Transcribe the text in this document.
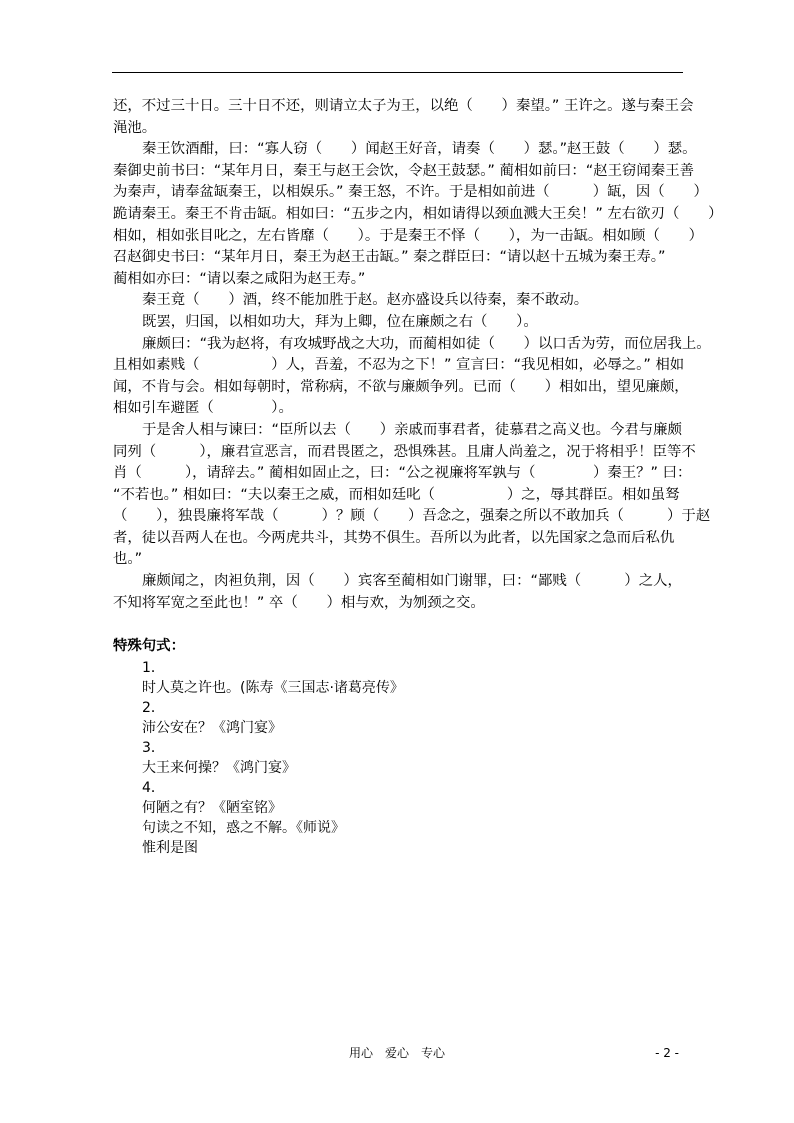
还，不过三十日。三十日不还，则请立太子为王，以绝（　　）秦望。” 王许之。遂与秦王会
渑池。
秦王饮酒酣，曰：“寡人窃（　　）闻赵王好音，请奏（　　）瑟。”赵王鼓（　　）瑟。
秦御史前书曰：“某年月日，秦王与赵王会饮，令赵王鼓瑟。” 蔺相如前曰：“赵王窃闻秦王善
为秦声，请奉盆缻秦王，以相娱乐。” 秦王怒，不许。于是相如前进（　　　）缻，因（　　）
跪请秦王。秦王不肯击缻。相如曰：“五步之内，相如请得以颈血溅大王矣！” 左右欲刃（　　）
相如，相如张目叱之，左右皆靡（　　）。于是秦王不怿（　　），为一击缻。相如顾（　　）
召赵御史书曰：“某年月日，秦王为赵王击缻。” 秦之群臣曰：“请以赵十五城为秦王寿。”
蔺相如亦曰：“请以秦之咸阳为赵王寿。”
秦王竟（　　）酒，终不能加胜于赵。赵亦盛设兵以待秦，秦不敢动。
既罢，归国，以相如功大，拜为上卿，位在廉颇之右（　　）。
廉颇曰：“我为赵将，有攻城野战之大功，而蔺相如徒（　　）以口舌为劳，而位居我上。
且相如素贱（　　　　　）人，吾羞，不忍为之下！” 宣言曰：“我见相如，必辱之。” 相如
闻，不肯与会。相如每朝时，常称病，不欲与廉颇争列。已而（　　）相如出，望见廉颇，
相如引车避匿（　　　　）。
于是舍人相与谏曰：“臣所以去（　　）亲戚而事君者，徒慕君之高义也。今君与廉颇
同列（　　　），廉君宣恶言，而君畏匿之，恐惧殊甚。且庸人尚羞之，况于将相乎！臣等不
肖（　　　），请辞去。” 蔺相如固止之，曰：“公之视廉将军孰与（　　　　）秦王？” 曰：
“不若也。” 相如曰：“夫以秦王之威，而相如廷叱（　　　　　）之，辱其群臣。相如虽驽
（　　），独畏廉将军哉（　　　）？顾（　　）吾念之，强秦之所以不敢加兵（　　　）于赵
者，徒以吾两人在也。今两虎共斗，其势不俱生。吾所以为此者，以先国家之急而后私仇
也。”
廉颇闻之，肉袒负荆，因（　　）宾客至蔺相如门谢罪，曰：“鄙贱（　　　）之人，
不知将军宽之至此也！” 卒（　　）相与欢，为刎颈之交。
特殊句式：
1．
时人莫之许也。(陈寿《三国志·诸葛亮传》
2．
沛公安在？《鸿门宴》
3．
大王来何操？《鸿门宴》
4．
何陋之有？《陋室铭》
句读之不知，惑之不解。《师说》
惟利是图
用心　爱心　专心	- 2 -
